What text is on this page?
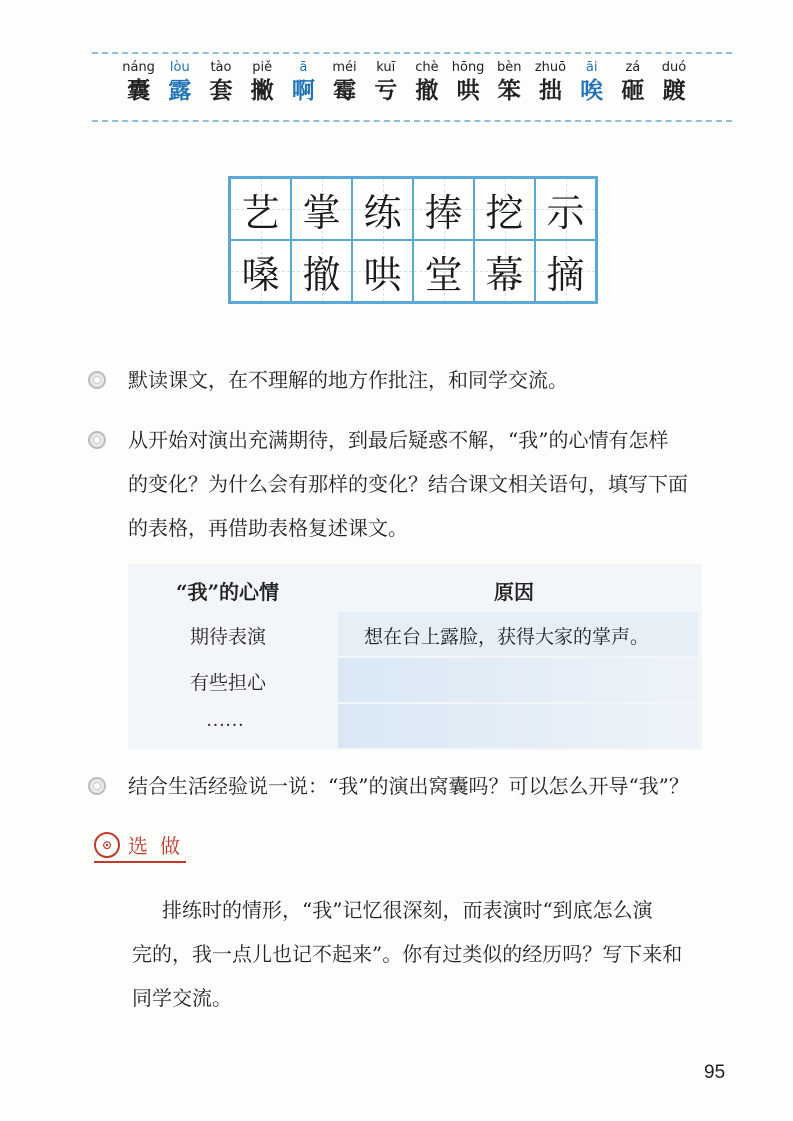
náng
囊
lòu
露
tào
套
piě
撇
ā
啊
méi
霉
kuī
亏
chè
撤
hōng
哄
bèn
笨
zhuō
拙
āi
唉
zá
砸
duó
踱
艺 掌 练 捧 挖 示
嗓 撤 哄 堂 幕 摘
默读课文，在不理解的地方作批注，和同学交流。
从开始对演出充满期待，到最后疑惑不解，“我”的心情有怎样
的变化？为什么会有那样的变化？结合课文相关语句，填写下面
的表格，再借助表格复述课文。
“我”的心情	原因
期待表演	想在台上露脸，获得大家的掌声。
有些担心
……
结合生活经验说一说：“我”的演出窝囊吗？可以怎么开导“我”？
⊙ 选做
排练时的情形，“我”记忆很深刻，而表演时“到底怎么演
完的，我一点儿也记不起来”。你有过类似的经历吗？写下来和
同学交流。
95
